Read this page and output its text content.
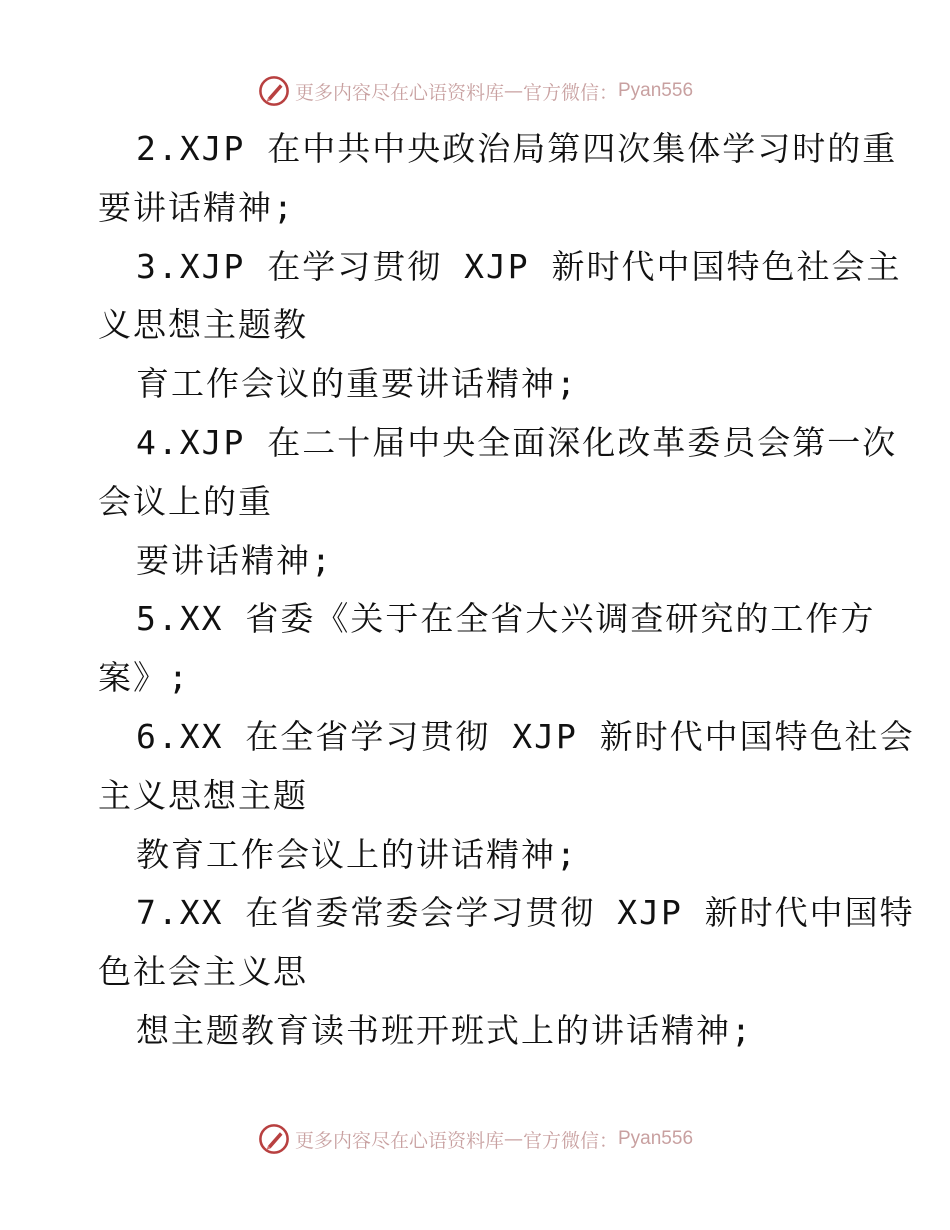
更多内容尽在心语资料库 — 官方微信： Pyan556
2.XJP 在中共中央政治局第四次集体学习时的重
要讲话精神;
3.XJP 在学习贯彻 XJP 新时代中国特色社会主
义思想主题教
育工作会议的重要讲话精神;
4.XJP 在二十届中央全面深化改革委员会第一次
会议上的重
要讲话精神;
5.XX 省委《关于在全省大兴调查研究的工作方
案》;
6.XX 在全省学习贯彻 XJP 新时代中国特色社会
主义思想主题
教育工作会议上的讲话精神;
7.XX 在省委常委会学习贯彻 XJP 新时代中国特
色社会主义思
想主题教育读书班开班式上的讲话精神;
更多内容尽在心语资料库 — 官方微信： Pyan556
